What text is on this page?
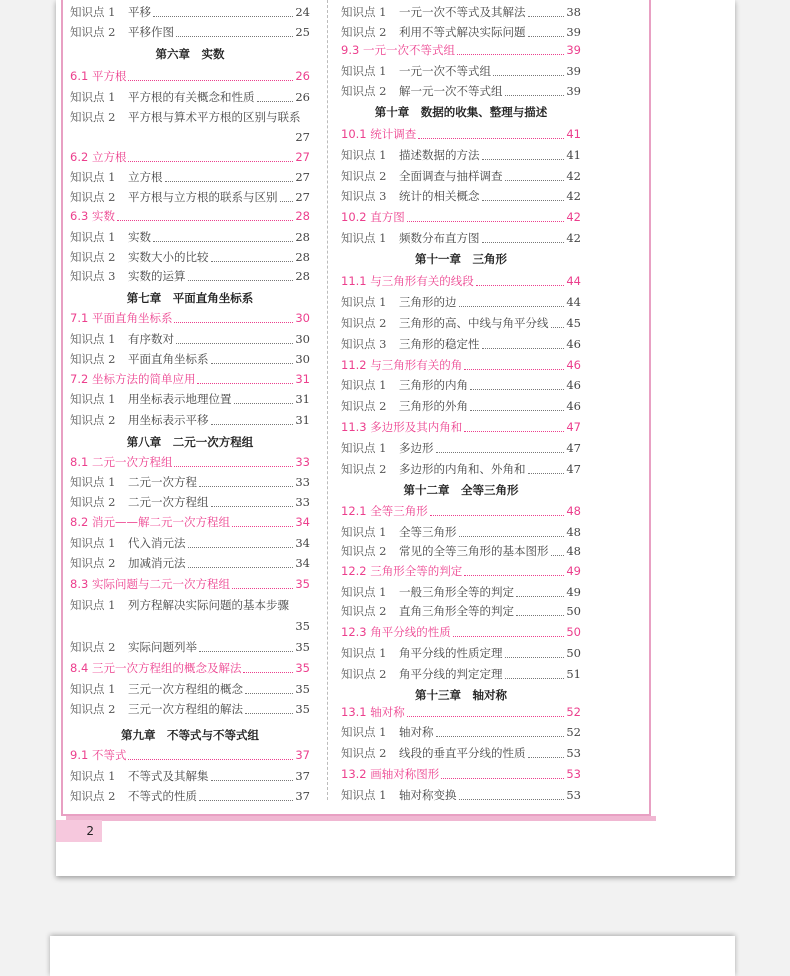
知识点 1	平移	24
知识点 2	平移作图	25
第六章　实数
6.1 平方根	26
知识点 1	平方根的有关概念和性质	26
知识点 2	平方根与算术平方根的区别与联系
27
6.2 立方根	27
知识点 1	立方根	27
知识点 2	平方根与立方根的联系与区别 27
6.3 实数	28
知识点 1	实数	28
知识点 2	实数大小的比较	28
知识点 3	实数的运算	28
第七章　平面直角坐标系
7.1 平面直角坐标系	30
知识点 1	有序数对	30
知识点 2	平面直角坐标系	30
7.2 坐标方法的简单应用	31
知识点 1	用坐标表示地理位置	31
知识点 2	用坐标表示平移	31
第八章　二元一次方程组
8.1 二元一次方程组	33
知识点 1	二元一次方程	33
知识点 2	二元一次方程组	33
8.2 消元——解二元一次方程组	34
知识点 1	代入消元法	34
知识点 2	加减消元法	34
8.3 实际问题与二元一次方程组	35
知识点 1	列方程解决实际问题的基本步骤
35
知识点 2	实际问题列举	35
8.4 三元一次方程组的概念及解法	35
知识点 1	三元一次方程组的概念	35
知识点 2	三元一次方程组的解法	35
第九章　不等式与不等式组
9.1 不等式	37
知识点 1	不等式及其解集	37
知识点 2	不等式的性质	37
知识点 1	一元一次不等式及其解法	38
知识点 2	利用不等式解决实际问题	39
9.3 一元一次不等式组	39
知识点 1	一元一次不等式组	39
知识点 2	解一元一次不等式组	39
第十章　数据的收集、整理与描述
10.1 统计调查	41
知识点 1	描述数据的方法	41
知识点 2	全面调查与抽样调查	42
知识点 3	统计的相关概念	42
10.2 直方图	42
知识点 1	频数分布直方图	42
第十一章　三角形
11.1 与三角形有关的线段	44
知识点 1	三角形的边	44
知识点 2	三角形的高、中线与角平分线 45
知识点 3	三角形的稳定性	46
11.2 与三角形有关的角	46
知识点 1	三角形的内角	46
知识点 2	三角形的外角	46
11.3 多边形及其内角和	47
知识点 1	多边形	47
知识点 2	多边形的内角和、外角和	47
第十二章　全等三角形
12.1 全等三角形	48
知识点 1	全等三角形	48
知识点 2	常见的全等三角形的基本图形 48
12.2 三角形全等的判定	49
知识点 1	一般三角形全等的判定	49
知识点 2	直角三角形全等的判定	50
12.3 角平分线的性质	50
知识点 1	角平分线的性质定理	50
知识点 2	角平分线的判定定理	51
第十三章　轴对称
13.1 轴对称	52
知识点 1	轴对称	52
知识点 2	线段的垂直平分线的性质	53
13.2 画轴对称图形	53
知识点 1	轴对称变换	53
2
